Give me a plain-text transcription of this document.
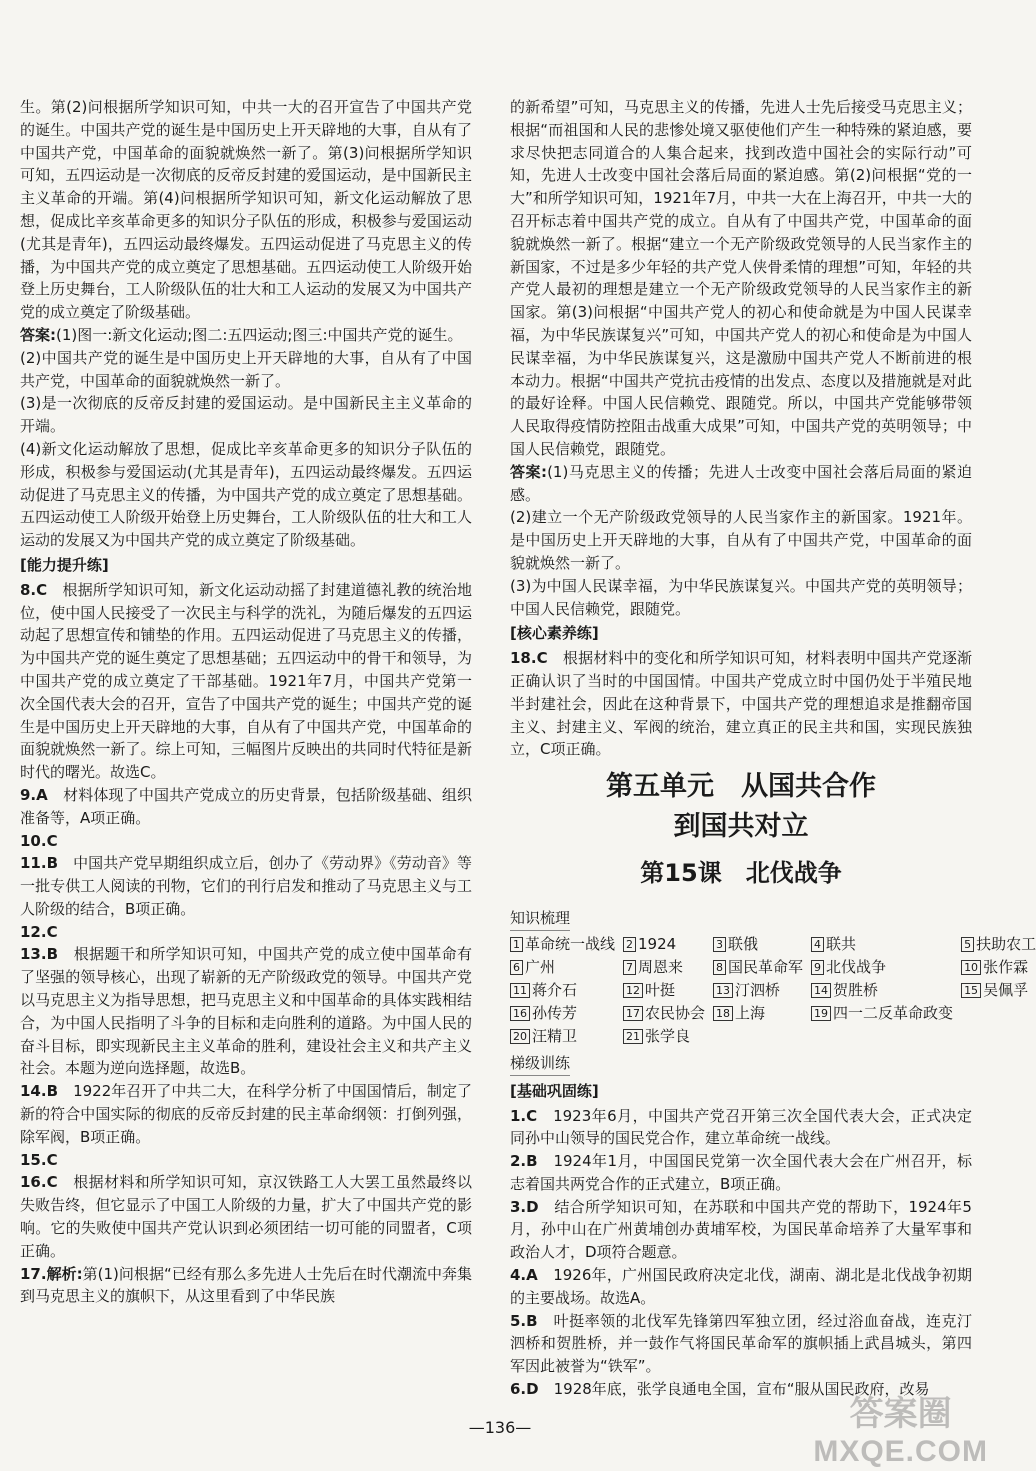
生。第(2)问根据所学知识可知，中共一大的召开宣告了中国共产党的诞生。中国共产党的诞生是中国历史上开天辟地的大事，自从有了中国共产党，中国革命的面貌就焕然一新了。第(3)问根据所学知识可知，五四运动是一次彻底的反帝反封建的爱国运动，是中国新民主主义革命的开端。第(4)问根据所学知识可知，新文化运动解放了思想，促成比辛亥革命更多的知识分子队伍的形成，积极参与爱国运动(尤其是青年)，五四运动最终爆发。五四运动促进了马克思主义的传播，为中国共产党的成立奠定了思想基础。五四运动使工人阶级开始登上历史舞台，工人阶级队伍的壮大和工人运动的发展又为中国共产党的成立奠定了阶级基础。

答案:(1)图一:新文化运动;图二:五四运动;图三:中国共产党的诞生。

(2)中国共产党的诞生是中国历史上开天辟地的大事，自从有了中国共产党，中国革命的面貌就焕然一新了。

(3)是一次彻底的反帝反封建的爱国运动。是中国新民主主义革命的开端。

(4)新文化运动解放了思想，促成比辛亥革命更多的知识分子队伍的形成，积极参与爱国运动(尤其是青年)，五四运动最终爆发。五四运动促进了马克思主义的传播，为中国共产党的成立奠定了思想基础。五四运动使工人阶级开始登上历史舞台，工人阶级队伍的壮大和工人运动的发展又为中国共产党的成立奠定了阶级基础。

[能力提升练]

8.C　 根据所学知识可知，新文化运动动摇了封建道德礼教的统治地位，使中国人民接受了一次民主与科学的洗礼，为随后爆发的五四运动起了思想宣传和铺垫的作用。五四运动促进了马克思主义的传播，为中国共产党的诞生奠定了思想基础；五四运动中的骨干和领导，为中国共产党的成立奠定了干部基础。1921年7月，中国共产党第一次全国代表大会的召开，宣告了中国共产党的诞生；中国共产党的诞生是中国历史上开天辟地的大事，自从有了中国共产党，中国革命的面貌就焕然一新了。综上可知，三幅图片反映出的共同时代特征是新时代的曙光。故选C。

9.A　 材料体现了中国共产党成立的历史背景，包括阶级基础、组织准备等，A项正确。

10.C

11.B　 中国共产党早期组织成立后，创办了《劳动界》《劳动音》等一批专供工人阅读的刊物，它们的刊行启发和推动了马克思主义与工人阶级的结合，B项正确。

12.C

13.B　 根据题干和所学知识可知，中国共产党的成立使中国革命有了坚强的领导核心，出现了崭新的无产阶级政党的领导。中国共产党以马克思主义为指导思想，把马克思主义和中国革命的具体实践相结合，为中国人民指明了斗争的目标和走向胜利的道路。为中国人民的奋斗目标，即实现新民主主义革命的胜利，建设社会主义和共产主义社会。本题为逆向选择题，故选B。

14.B　 1922年召开了中共二大，在科学分析了中国国情后，制定了新的符合中国实际的彻底的反帝反封建的民主革命纲领：打倒列强，除军阀，B项正确。

15.C

16.C　 根据材料和所学知识可知，京汉铁路工人大罢工虽然最终以失败告终，但它显示了中国工人阶级的力量，扩大了中国共产党的影响。它的失败使中国共产党认识到必须团结一切可能的同盟者，C项正确。

17.解析:第(1)问根据“已经有那么多先进人士先后在时代潮流中奔集到马克思主义的旗帜下，从这里看到了中华民族

的新希望”可知，马克思主义的传播，先进人士先后接受马克思主义；根据“而祖国和人民的悲惨处境又驱使他们产生一种特殊的紧迫感，要求尽快把志同道合的人集合起来，找到改造中国社会的实际行动”可知，先进人士改变中国社会落后局面的紧迫感。第(2)问根据“党的一大”和所学知识可知，1921年7月，中共一大在上海召开，中共一大的召开标志着中国共产党的成立。自从有了中国共产党，中国革命的面貌就焕然一新了。根据“建立一个无产阶级政党领导的人民当家作主的新国家，不过是多少年轻的共产党人侠骨柔情的理想”可知，年轻的共产党人最初的理想是建立一个无产阶级政党领导的人民当家作主的新国家。第(3)问根据“中国共产党人的初心和使命就是为中国人民谋幸福，为中华民族谋复兴”可知，中国共产党人的初心和使命是为中国人民谋幸福，为中华民族谋复兴，这是激励中国共产党人不断前进的根本动力。根据“中国共产党抗击疫情的出发点、态度以及措施就是对此的最好诠释。中国人民信赖党、跟随党。所以，中国共产党能够带领人民取得疫情防控阻击战重大成果”可知，中国共产党的英明领导；中国人民信赖党，跟随党。

答案:(1)马克思主义的传播；先进人士改变中国社会落后局面的紧迫感。

(2)建立一个无产阶级政党领导的人民当家作主的新国家。1921年。是中国历史上开天辟地的大事，自从有了中国共产党，中国革命的面貌就焕然一新了。

(3)为中国人民谋幸福，为中华民族谋复兴。中国共产党的英明领导；中国人民信赖党，跟随党。

[核心素养练]

18.C　 根据材料中的变化和所学知识可知，材料表明中国共产党逐渐正确认识了当时的中国国情。中国共产党成立时中国仍处于半殖民地半封建社会，因此在这种背景下，中国共产党的理想追求是推翻帝国主义、封建主义、军阀的统治，建立真正的民主共和国，实现民族独立，C项正确。

第五单元　从国共合作
到国共对立
第15课　北伐战争
知识梳理
1 革命统一战线 2 1924	3 联俄	4 联共	5 扶助农工
6 广州	7 周恩来	8 国民革命军 9 北伐战争	10 张作霖
11 蒋介石	12 叶挺	13 汀泗桥	14 贺胜桥	15 吴佩孚
16 孙传芳	17 农民协会 18 上海	19 四一二反革命政变
20 汪精卫	21 张学良
梯级训练
[基础巩固练]

1.C　 1923年6月，中国共产党召开第三次全国代表大会，正式决定同孙中山领导的国民党合作，建立革命统一战线。

2.B　 1924年1月，中国国民党第一次全国代表大会在广州召开，标志着国共两党合作的正式建立，B项正确。

3.D　 结合所学知识可知，在苏联和中国共产党的帮助下，1924年5月，孙中山在广州黄埔创办黄埔军校，为国民革命培养了大量军事和政治人才，D项符合题意。

4.A　 1926年，广州国民政府决定北伐，湖南、湖北是北伐战争初期的主要战场。故选A。

5.B　 叶挺率领的北伐军先锋第四军独立团，经过浴血奋战，连克汀泗桥和贺胜桥，并一鼓作气将国民革命军的旗帜插上武昌城头，第四军因此被誉为“铁军”。

6.D　 1928年底，张学良通电全国，宣布“服从国民政府，改易

—136—	答案圈
MXQE.COM
